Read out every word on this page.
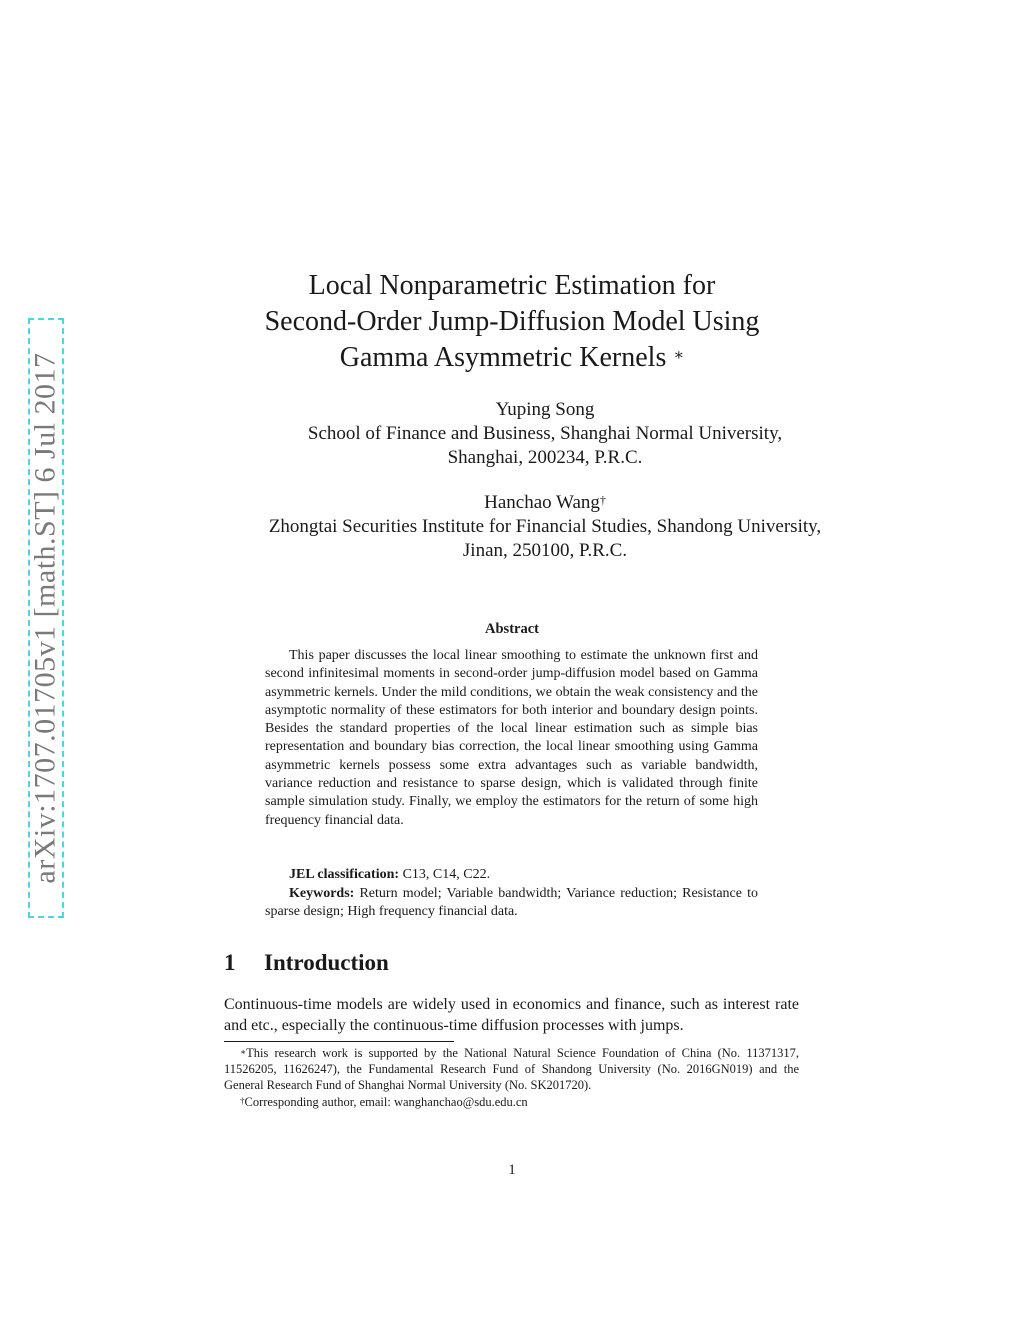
arXiv:1707.01705v1 [math.ST] 6 Jul 2017
Local Nonparametric Estimation for
Second-Order Jump-Diffusion Model Using
Gamma Asymmetric Kernels ∗
Yuping Song
School of Finance and Business, Shanghai Normal University,
Shanghai, 200234, P.R.C.
Hanchao Wang†
Zhongtai Securities Institute for Financial Studies, Shandong University,
Jinan, 250100, P.R.C.
Abstract
This paper discusses the local linear smoothing to estimate the unknown first and second infinitesimal moments in second-order jump-diffusion model based on Gamma asymmetric kernels. Under the mild conditions, we obtain the weak consistency and the asymptotic normality of these estimators for both interior and boundary design points. Besides the standard properties of the local linear estimation such as simple bias representation and boundary bias correction, the local linear smoothing using Gamma asymmetric kernels possess some extra advantages such as variable bandwidth, variance reduction and resistance to sparse design, which is validated through finite sample simulation study. Finally, we employ the estimators for the return of some high frequency financial data.

JEL classification: C13, C14, C22.

Keywords: Return model; Variable bandwidth; Variance reduction; Resistance to sparse design; High frequency financial data.

1 Introduction
Continuous-time models are widely used in economics and finance, such as interest rate and etc., especially the continuous-time diffusion processes with jumps.

∗This research work is supported by the National Natural Science Foundation of China (No. 11371317, 11526205, 11626247), the Fundamental Research Fund of Shandong University (No. 2016GN019) and the General Research Fund of Shanghai Normal University (No. SK201720).

†Corresponding author, email: wanghanchao@sdu.edu.cn

1
